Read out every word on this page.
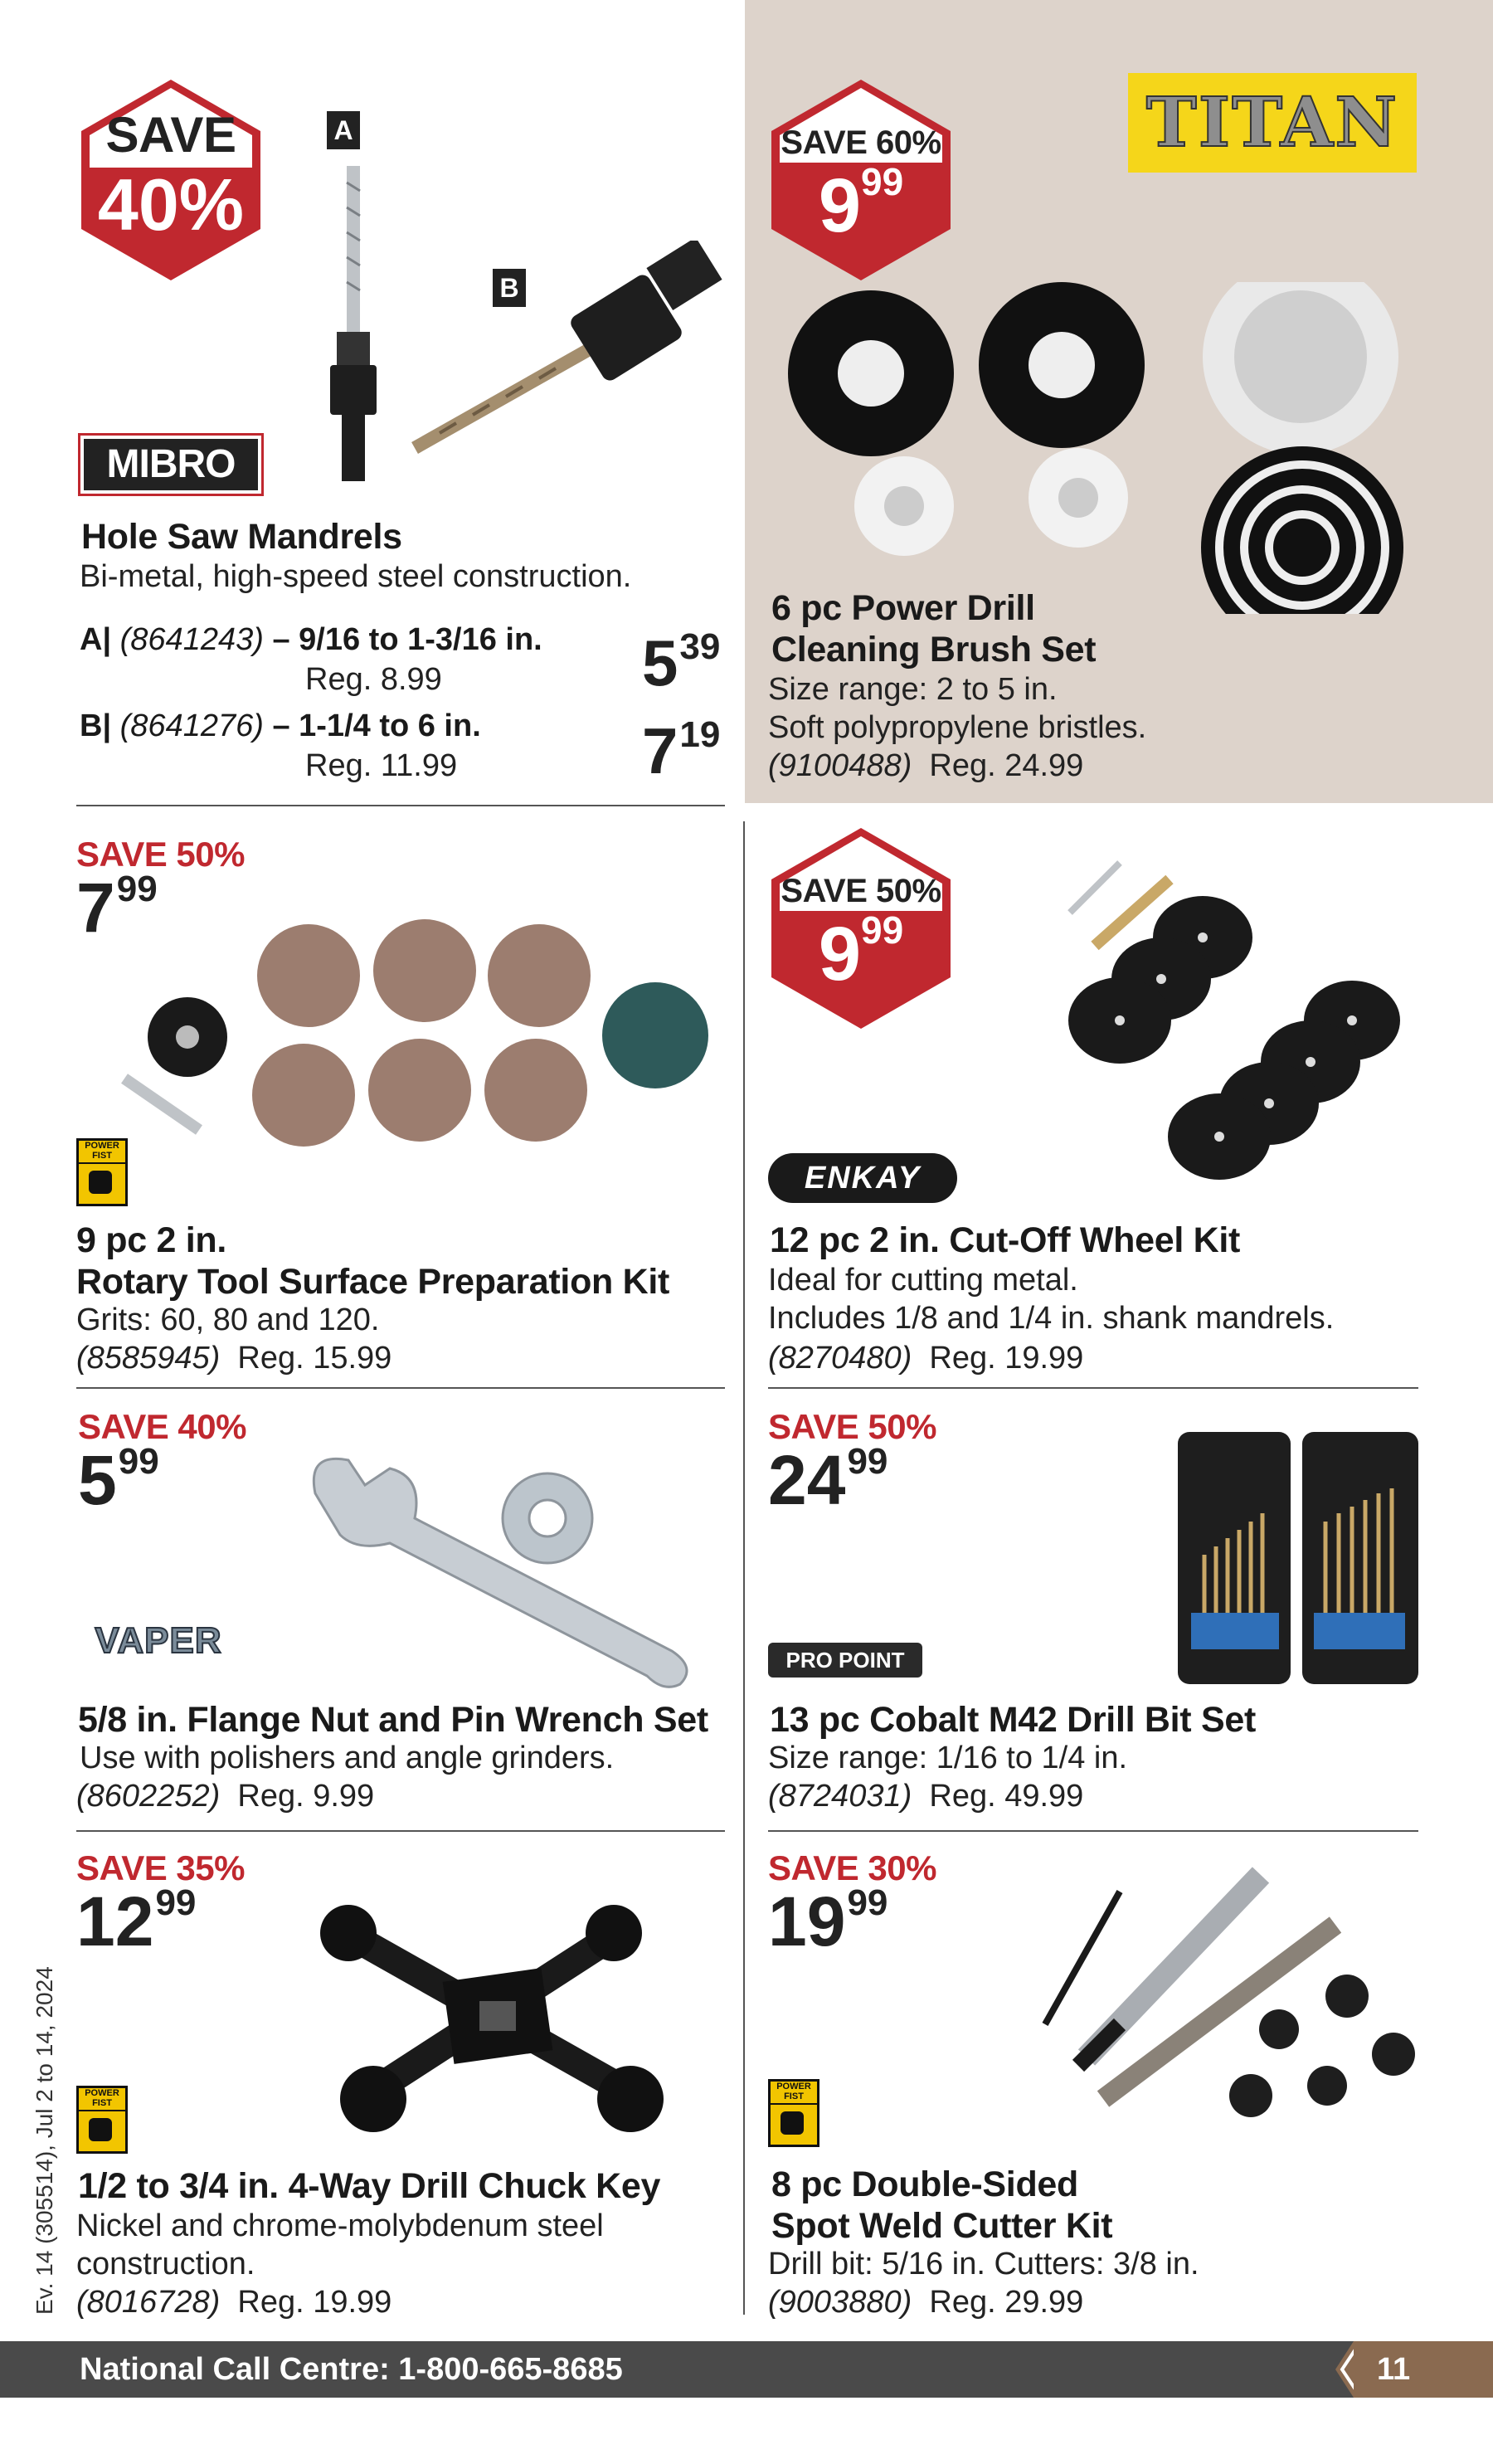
SAVE
40%
A
B
MIBRO
Hole Saw Mandrels
Bi-metal, high-speed steel construction.
A| (8641243) – 9/16 to 1-3/16 in.
Reg. 8.99	$5^{39}$
B| (8641276) – 1-1/4 to 6 in.
Reg. 11.99	$7^{19}$
SAVE 60%
$9^{99}$
TITAN
6 pc Power Drill
Cleaning Brush Set
Size range: 2 to 5 in.
Soft polypropylene bristles.
(9100488) Reg. 24.99
SAVE 50%
$7^{99}$
POWER FIST
9 pc 2 in.
Rotary Tool Surface Preparation Kit
Grits: 60, 80 and 120.
(8585945) Reg. 15.99
SAVE 50%
$9^{99}$
ENKAY
12 pc 2 in. Cut-Off Wheel Kit
Ideal for cutting metal.
Includes 1/8 and 1/4 in. shank mandrels.
(8270480) Reg. 19.99
SAVE 40%
$5^{99}$
VAPER
5/8 in. Flange Nut and Pin Wrench Set
Use with polishers and angle grinders.
(8602252) Reg. 9.99
SAVE 50%
$24^{99}$
PRO POINT
13 pc Cobalt M42 Drill Bit Set
Size range: 1/16 to 1/4 in.
(8724031) Reg. 49.99
SAVE 35%
$12^{99}$
POWER FIST
1/2 to 3/4 in. 4-Way Drill Chuck Key
Nickel and chrome-molybdenum steel
construction.
(8016728) Reg. 19.99
SAVE 30%
$19^{99}$
POWER FIST
8 pc Double-Sided
Spot Weld Cutter Kit
Drill bit: 5/16 in. Cutters: 3/8 in.
(9003880) Reg. 29.99
Ev. 14 (305514), Jul 2 to 14, 2024
National Call Centre: 1-800-665-8685	11
